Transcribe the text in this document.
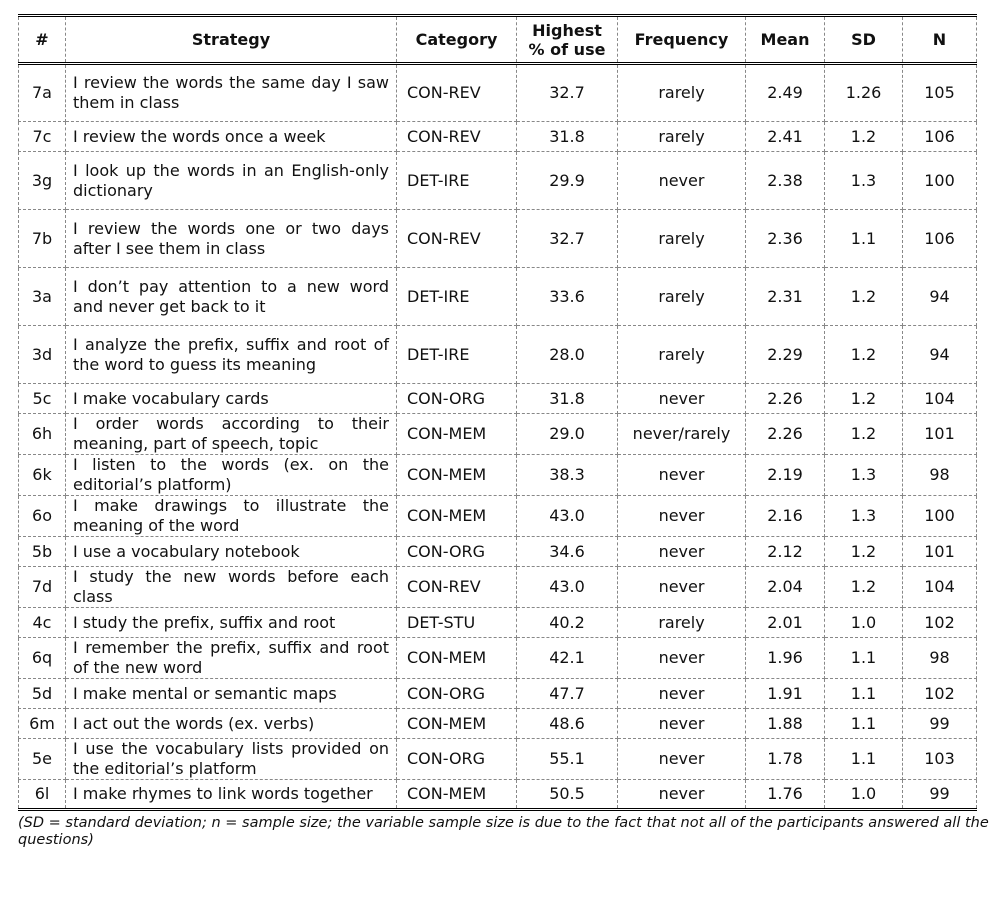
#	Strategy	Category	Highest % of use	Frequency	Mean	SD	N
7a	I review the words the same day I saw them in class	CON-REV	32.7	rarely	2.49	1.26	105
7c	I review the words once a week	CON-REV	31.8	rarely	2.41	1.2	106
3g	I look up the words in an English-only dictionary	DET-IRE	29.9	never	2.38	1.3	100
7b	I review the words one or two days after I see them in class	CON-REV	32.7	rarely	2.36	1.1	106
3a	I don’t pay attention to a new word and never get back to it	DET-IRE	33.6	rarely	2.31	1.2	94
3d	I analyze the prefix, suffix and root of the word to guess its meaning	DET-IRE	28.0	rarely	2.29	1.2	94
5c	I make vocabulary cards	CON-ORG	31.8	never	2.26	1.2	104
6h	I order words according to their meaning, part of speech, topic	CON-MEM	29.0	never/rarely	2.26	1.2	101
6k	I listen to the words (ex. on the editorial’s platform)	CON-MEM	38.3	never	2.19	1.3	98
6o	I make drawings to illustrate the meaning of the word	CON-MEM	43.0	never	2.16	1.3	100
5b	I use a vocabulary notebook	CON-ORG	34.6	never	2.12	1.2	101
7d	I study the new words before each class	CON-REV	43.0	never	2.04	1.2	104
4c	I study the prefix, suffix and root	DET-STU	40.2	rarely	2.01	1.0	102
6q	I remember the prefix, suffix and root of the new word	CON-MEM	42.1	never	1.96	1.1	98
5d	I make mental or semantic maps	CON-ORG	47.7	never	1.91	1.1	102
6m	I act out the words (ex. verbs)	CON-MEM	48.6	never	1.88	1.1	99
5e	I use the vocabulary lists provided on the editorial’s platform	CON-ORG	55.1	never	1.78	1.1	103
6l	I make rhymes to link words together	CON-MEM	50.5	never	1.76	1.0	99
(SD = standard deviation; n = sample size; the variable sample size is due to the fact that not all of the participants answered all the questions)
